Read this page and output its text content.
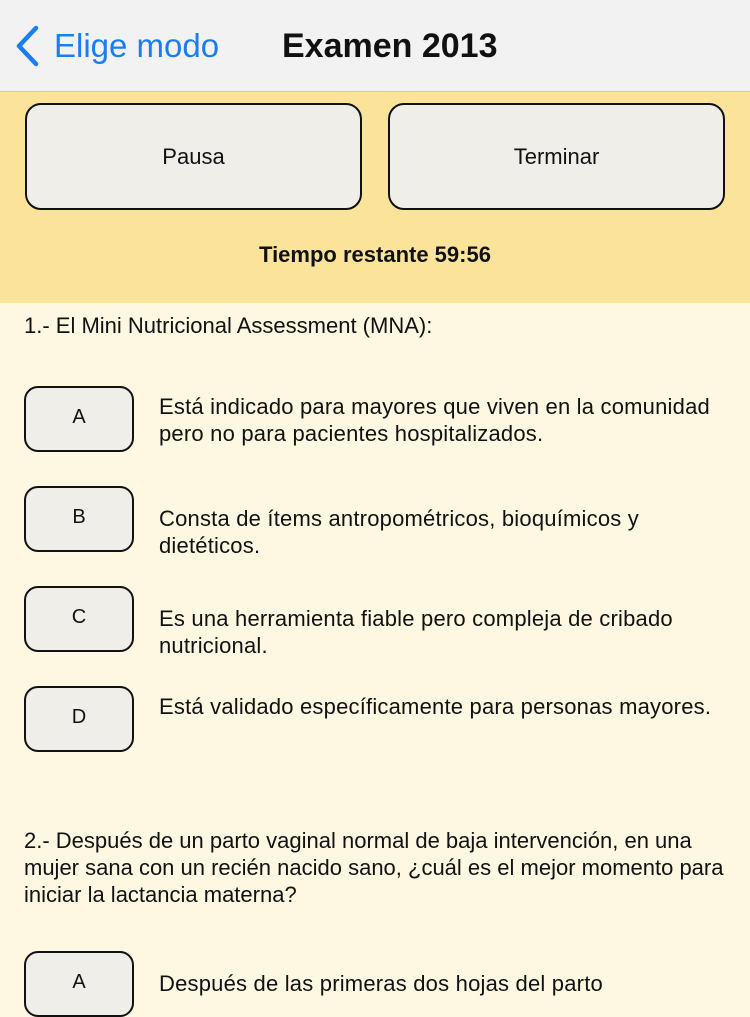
Elige modo Examen 2013
Pausa	Terminar
Tiempo restante 59:56
1.- El Mini Nutricional Assessment (MNA):
A	Está indicado para mayores que viven en la comunidad pero no para pacientes hospitalizados.
B	Consta de ítems antropométricos, bioquímicos y dietéticos.
C	Es una herramienta fiable pero compleja de cribado nutricional.
D	Está validado específicamente para personas mayores.
2.- Después de un parto vaginal normal de baja intervención, en una mujer sana con un recién nacido sano, ¿cuál es el mejor momento para iniciar la lactancia materna?
A	Después de las primeras dos hojas del parto
